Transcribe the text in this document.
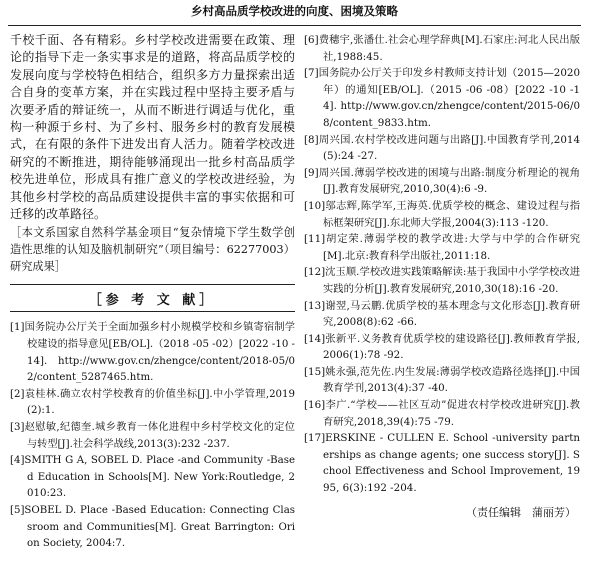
乡村高品质学校改进的向度、困境及策略

千校千面、各有精彩。乡村学校改进需要在政策、理论的指导下走一条实事求是的道路，将高品质学校的发展向度与学校特色相结合，组织多方力量探索出适合自身的变革方案，并在实践过程中坚持主要矛盾与次要矛盾的辩证统一，从而不断进行调适与优化，重构一种源于乡村、为了乡村、服务乡村的教育发展模式，在有限的条件下进发出育人活力。随着学校改进研究的不断推进，期待能够涌现出一批乡村高品质学校先进单位，形成具有推广意义的学校改进经验，为其他乡村学校的高品质建设提供丰富的事实依据和可迁移的改革路径。

［本文系国家自然科学基金项目“复杂情境下学生数学创造性思维的认知及脑机制研究”（项目编号：62277003）研究成果］
［参 考 文 献］
[1]国务院办公厅关于全面加强乡村小规模学校和乡镇寄宿制学校建设的指导意见[EB/OL].（2018 -05 -02）[2022 -10 -14]. http://www.gov.cn/zhengce/content/2018-05/02/content_5287465.htm.
[2]袁桂林.确立农村学校教育的价值坐标[J].中小学管理,2019(2):1.
[3]赵慰敏,纪德奎.城乡教育一体化进程中乡村学校文化的定位与转型[J].社会科学战线,2013(3):232 -237.
[4]SMITH G A, SOBEL D. Place -and Community -Based Education in Schools[M]. New York:Routledge, 2010:23.
[5]SOBEL D. Place -Based Education: Connecting Classroom and Communities[M]. Great Barrington: Orion Society, 2004:7.
[6]费穗宇,张潘仕.社会心理学辞典[M].石家庄:河北人民出版社,1988:45.
[7]国务院办公厅关于印发乡村教师支持计划（2015—2020年）的通知[EB/OL].（2015 -06 -08）[2022 -10 -14]. http://www.gov.cn/zhengce/content/2015-06/08/content_9833.htm.
[8]周兴国.农村学校改进问题与出路[J].中国教育学刊,2014(5):24 -27.
[9]周兴国.薄弱学校改进的困境与出路:制度分析理论的视角[J].教育发展研究,2010,30(4):6 -9.
[10]邬志辉,陈学军,王海英.优质学校的概念、建设过程与指标框架研究[J].东北师大学报,2004(3):113 -120.
[11]胡定荣.薄弱学校的教学改进:大学与中学的合作研究[M].北京:教育科学出版社,2011:18.
[12]沈玉顺.学校改进实践策略解读:基于我国中小学学校改进实践的分析[J].教育发展研究,2010,30(18):16 -20.
[13]谢翌,马云鹏.优质学校的基本理念与文化形态[J].教育研究,2008(8):62 -66.
[14]张新平.义务教育优质学校的建设路径[J].教师教育学报,2006(1):78 -92.
[15]姚永强,范先佐.内生发展:薄弱学校改造路径选择[J].中国教育学刊,2013(4):37 -40.
[16]李广.“学校——社区互动”促进农村学校改进研究[J].教育研究,2018,39(4):75 -79.
[17]ERSKINE - CULLEN E. School -university partnerships as change agents; one success story[J]. School Effectiveness and School Improvement, 1995, 6(3):192 -204.
（责任编辑　蒲丽芳）
